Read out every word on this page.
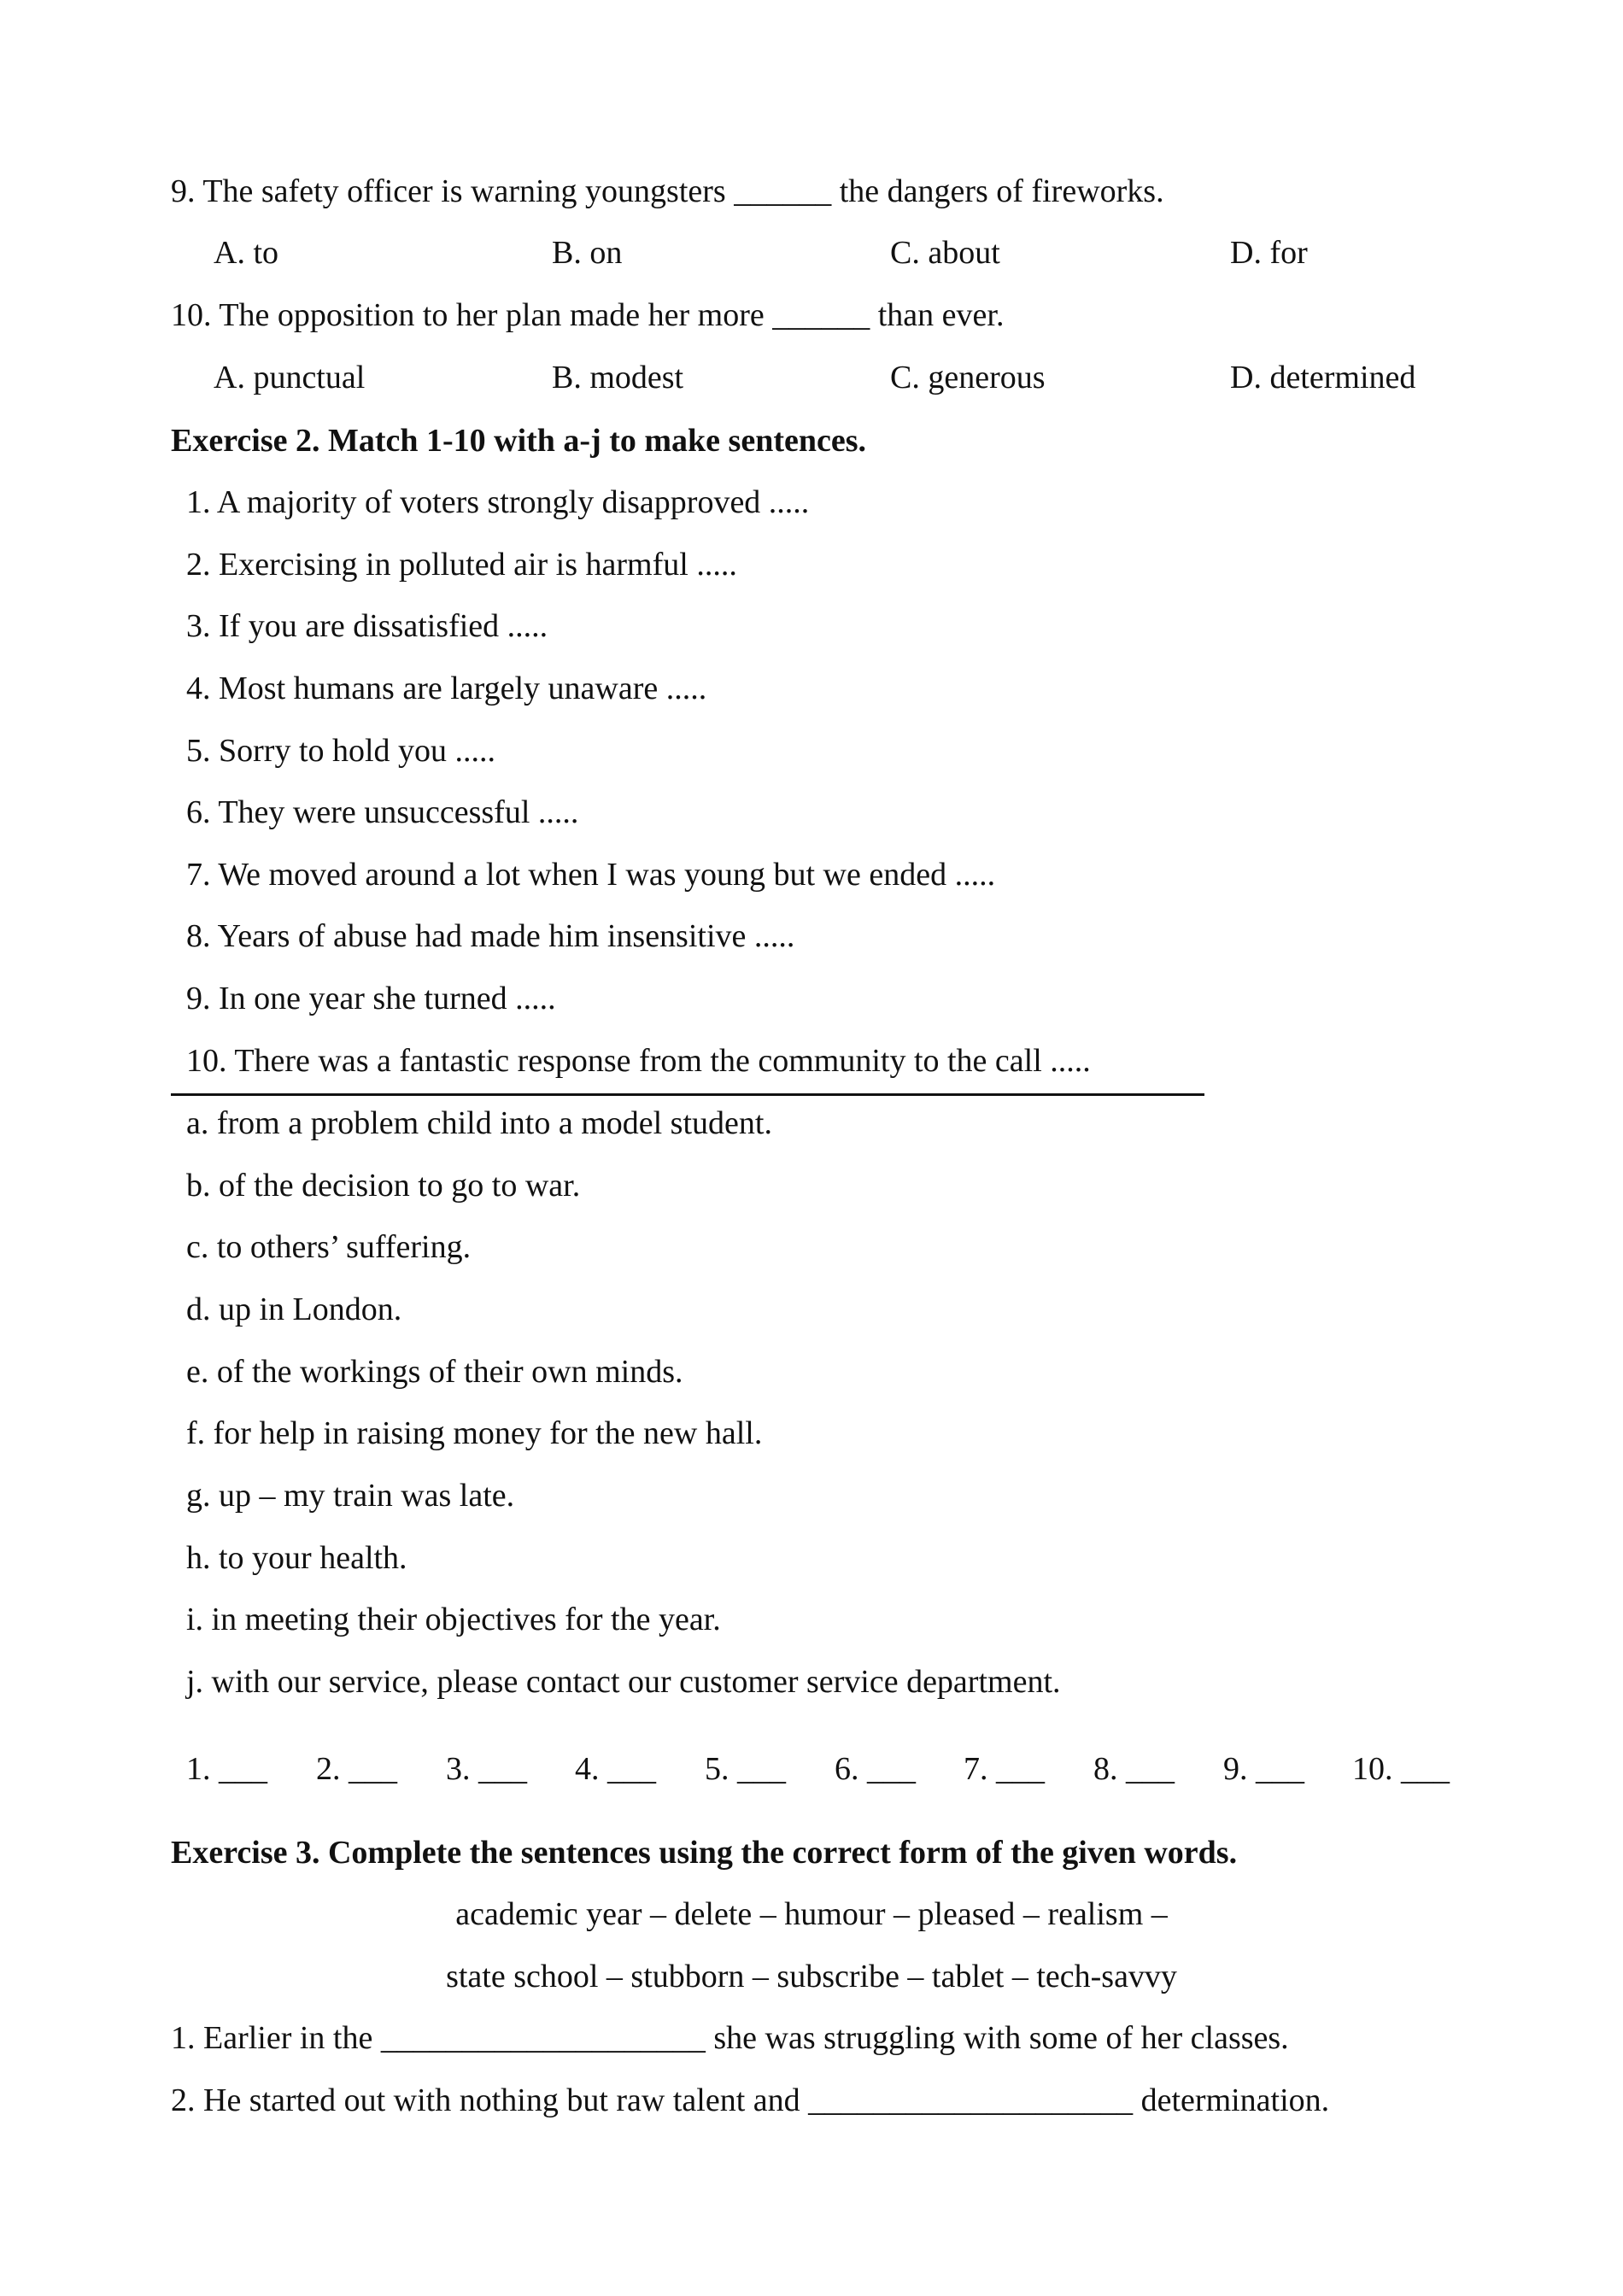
9. The safety officer is warning youngsters ______ the dangers of fireworks.
A. to	B. on	C. about	D. for
10. The opposition to her plan made her more ______ than ever.
A. punctual	B. modest	C. generous	D. determined
Exercise 2. Match 1-10 with a-j to make sentences.
1. A majority of voters strongly disapproved .....
2. Exercising in polluted air is harmful .....
3. If you are dissatisfied .....
4. Most humans are largely unaware .....
5. Sorry to hold you .....
6. They were unsuccessful .....
7. We moved around a lot when I was young but we ended .....
8. Years of abuse had made him insensitive .....
9. In one year she turned .....
10. There was a fantastic response from the community to the call .....
a. from a problem child into a model student.
b. of the decision to go to war.
c. to others’ suffering.
d. up in London.
e. of the workings of their own minds.
f. for help in raising money for the new hall.
g. up – my train was late.
h. to your health.
i. in meeting their objectives for the year.
j. with our service, please contact our customer service department.
1. ___ 2. ___ 3. ___ 4. ___ 5. ___ 6. ___ 7. ___ 8. ___ 9. ___ 10. ___
Exercise 3. Complete the sentences using the correct form of the given words.
academic year – delete – humour – pleased – realism –
state school – stubborn – subscribe – tablet – tech-savvy
1. Earlier in the ____________________ she was struggling with some of her classes.
2. He started out with nothing but raw talent and ____________________ determination.
